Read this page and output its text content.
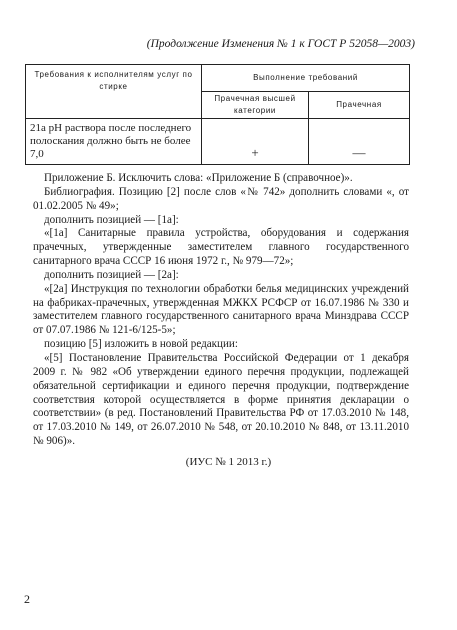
(Продолжение Изменения № 1 к ГОСТ Р 52058—2003)
Требования к исполнителям услуг по стирке	Выполнение требований	
	Прачечная высшей категории	Прачечная
21а рН раствора после последнего полоскания должно быть не более 7,0	+	—

Приложение Б. Исключить слова: «Приложение Б (справочное)».

Библиография. Позицию [2] после слов «№ 742» дополнить словами «, от 01.02.2005 № 49»;

дополнить позицией — [1а]:

«[1а] Санитарные правила устройства, оборудования и содержания прачечных, утвержденные заместителем главного государственного санитарного врача СССР 16 июня 1972 г., № 979—72»;

дополнить позицией — [2а]:

«[2а] Инструкция по технологии обработки белья медицинских учреждений на фабриках-прачечных, утвержденная МЖКХ РСФСР от 16.07.1986 № 330 и заместителем главного государственного санитарного врача Минздрава СССР от 07.07.1986 № 121-6/125-5»;

позицию [5] изложить в новой редакции:

«[5] Постановление Правительства Российской Федерации от 1 декабря 2009 г. № 982 «Об утверждении единого перечня продукции, подлежащей обязательной сертификации и единого перечня продукции, подтверждение соответствия которой осуществляется в форме принятия декларации о соответствии» (в ред. Постановлений Правительства РФ от 17.03.2010 № 148, от 17.03.2010 № 149, от 26.07.2010 № 548, от 20.10.2010 № 848, от 13.11.2010 № 906)».

(ИУС № 1 2013 г.)
2
